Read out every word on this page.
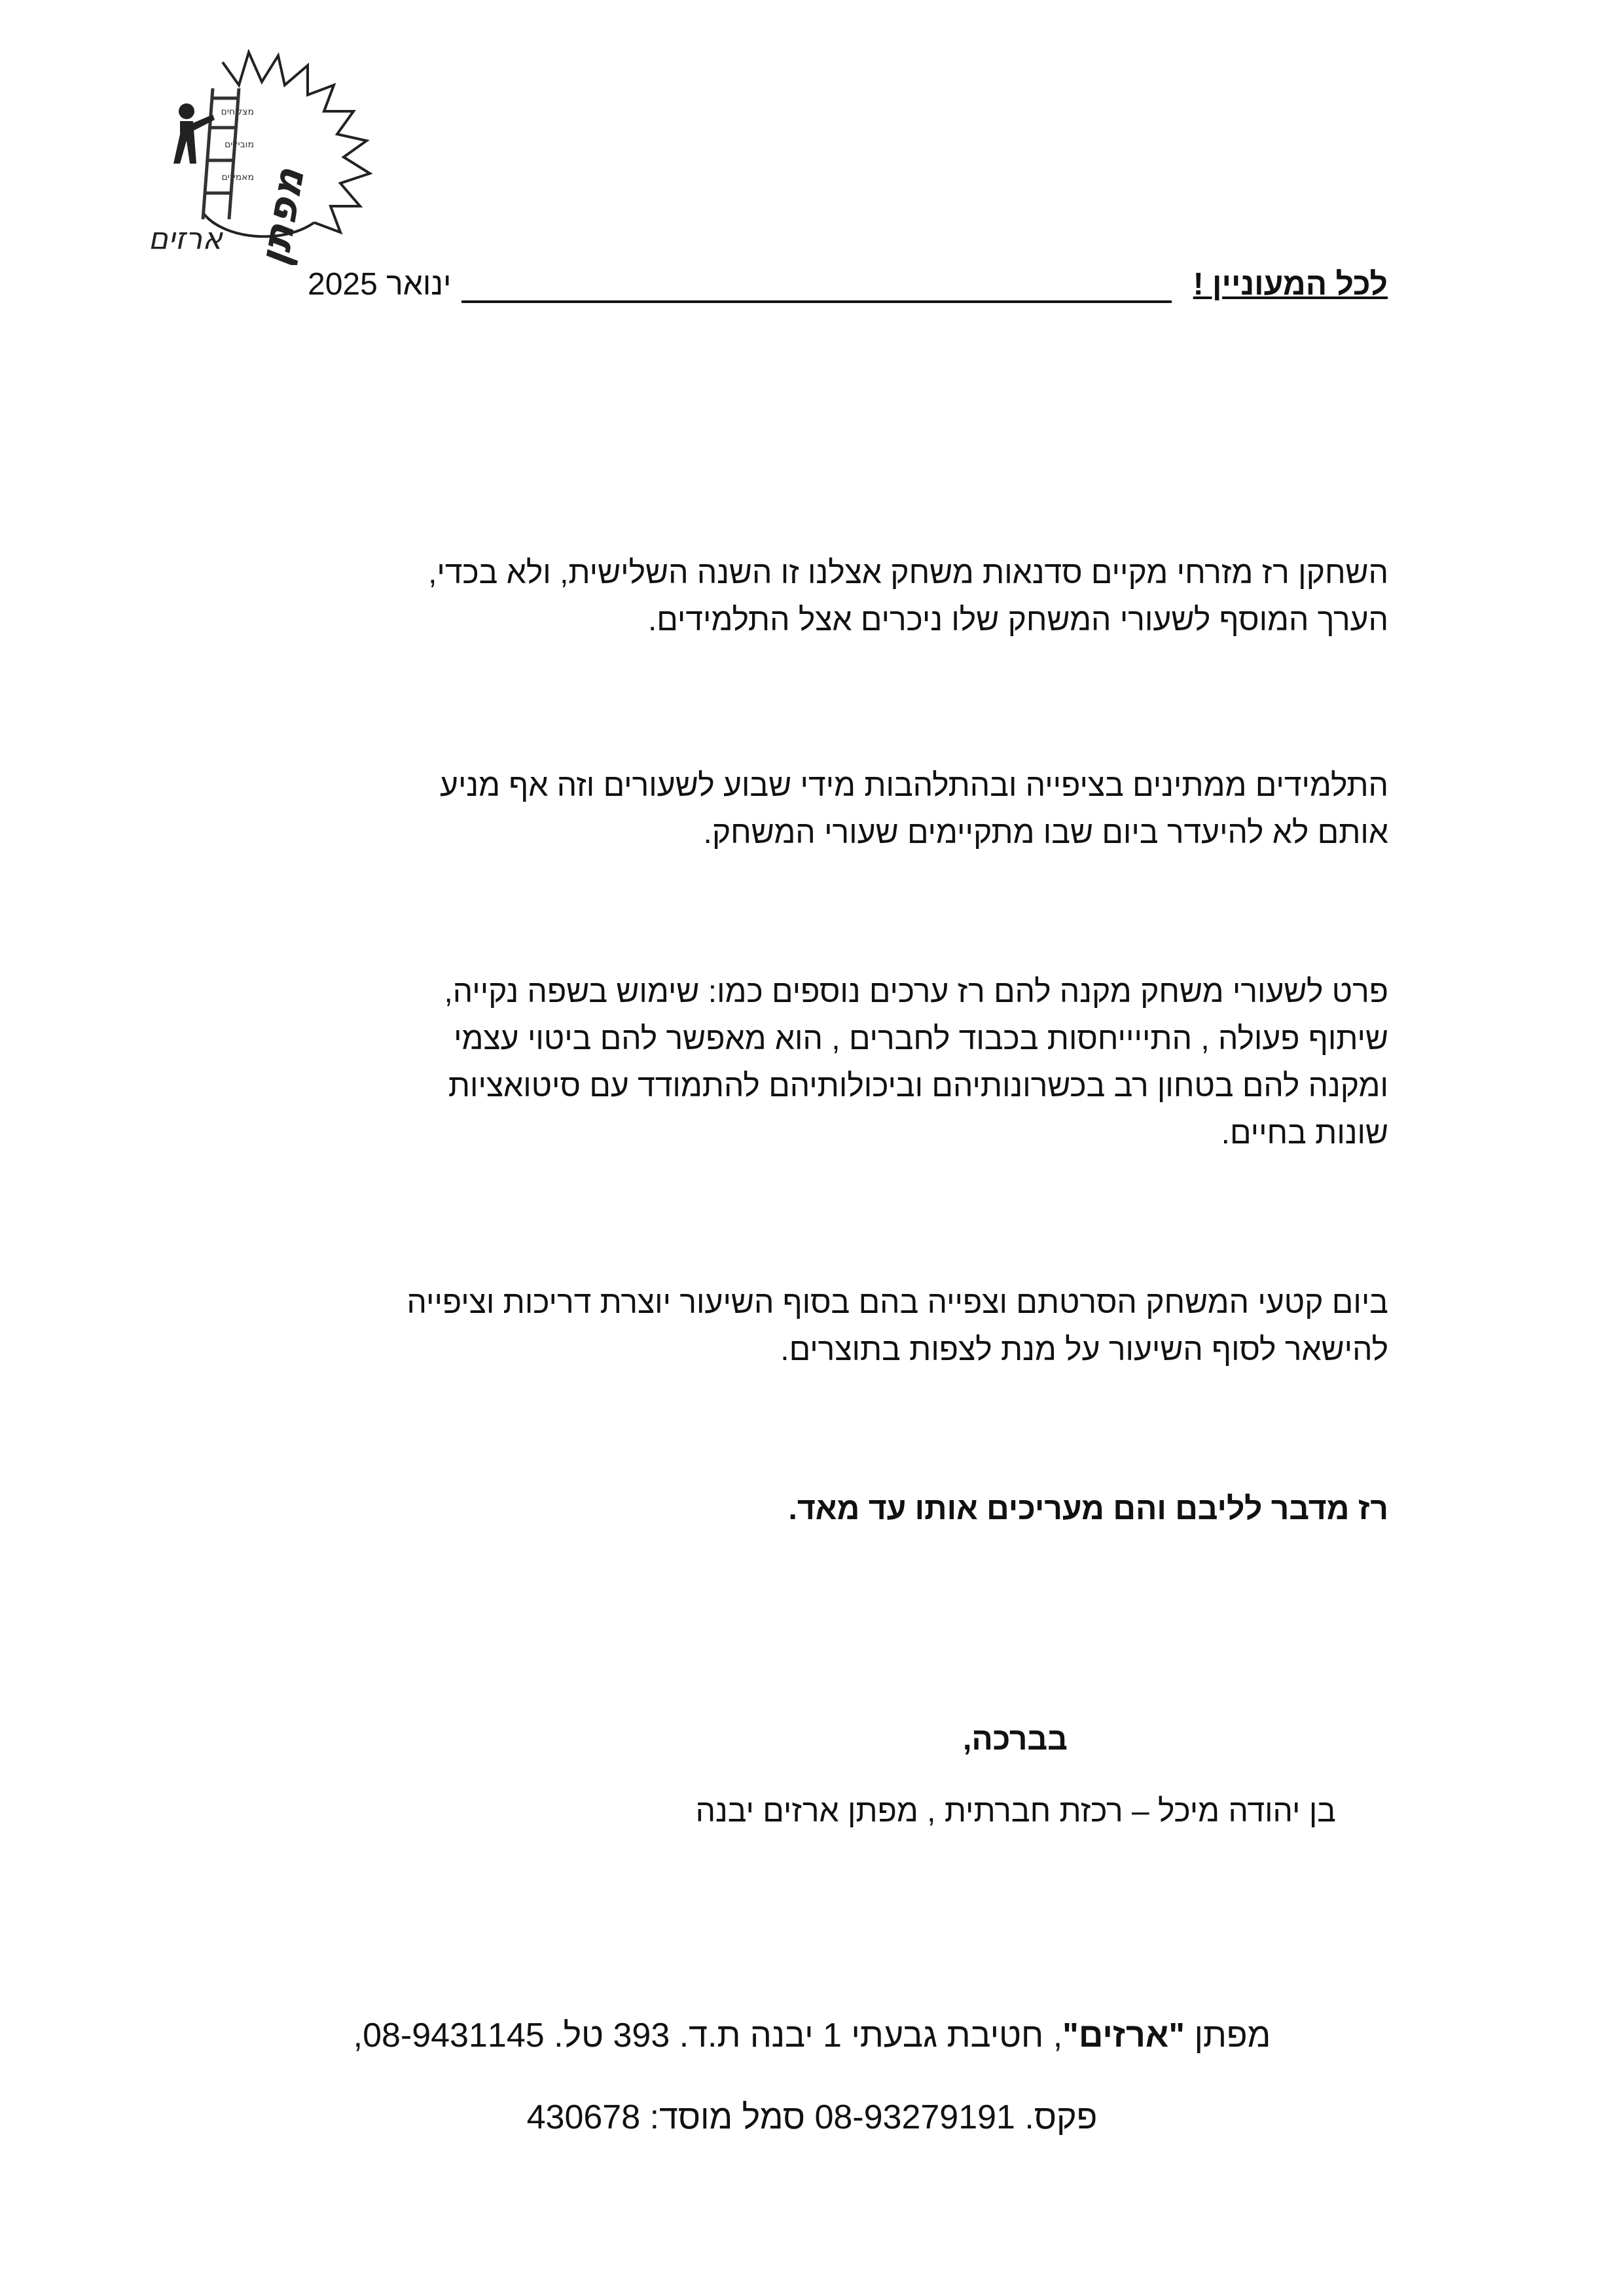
מצליחים
מובילים
מאמינים
מפתן
ארזים
לכל המעוניין !
ינואר 2025

השחקן רז מזרחי מקיים סדנאות משחק אצלנו זו השנה השלישית, ולא בכדי,

הערך המוסף לשעורי המשחק שלו ניכרים אצל התלמידים.

התלמידים ממתינים בציפייה ובהתלהבות מידי שבוע לשעורים וזה אף מניע

אותם לא להיעדר ביום שבו מתקיימים שעורי המשחק.

פרט לשעורי משחק מקנה להם רז ערכים נוספים כמו: שימוש בשפה נקייה,

שיתוף פעולה , התייייחסות בכבוד לחברים , הוא מאפשר להם ביטוי עצמי

ומקנה להם בטחון רב בכשרונותיהם וביכולותיהם להתמודד עם סיטואציות

שונות בחיים.

ביום קטעי המשחק הסרטתם וצפייה בהם בסוף השיעור יוצרת דריכות וציפייה

להישאר לסוף השיעור על מנת לצפות בתוצרים.

רז מדבר לליבם והם מעריכים אותו עד מאד.

בברכה,
בן יהודה מיכל – רכזת חברתית , מפתן ארזים יבנה
מפתן "ארזים", חטיבת גבעתי 1 יבנה ת.ד. 393 טל. 08-9431145,
פקס. 08-93279191 סמל מוסד: 430678
